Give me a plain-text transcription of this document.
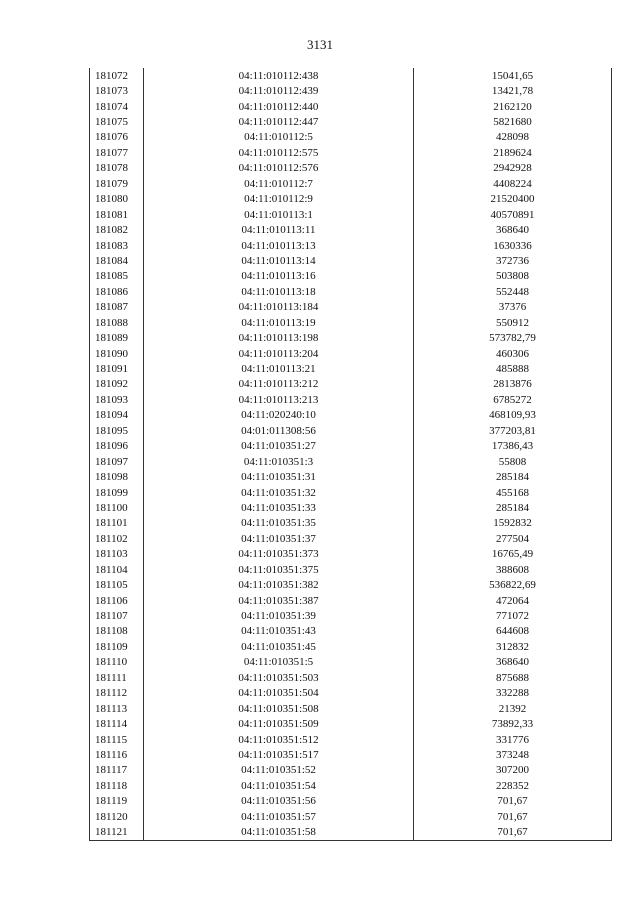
3131
181072	04:11:010112:438	15041,65
181073	04:11:010112:439	13421,78
181074	04:11:010112:440	2162120
181075	04:11:010112:447	5821680
181076	04:11:010112:5	428098
181077	04:11:010112:575	2189624
181078	04:11:010112:576	2942928
181079	04:11:010112:7	4408224
181080	04:11:010112:9	21520400
181081	04:11:010113:1	40570891
181082	04:11:010113:11	368640
181083	04:11:010113:13	1630336
181084	04:11:010113:14	372736
181085	04:11:010113:16	503808
181086	04:11:010113:18	552448
181087	04:11:010113:184	37376
181088	04:11:010113:19	550912
181089	04:11:010113:198	573782,79
181090	04:11:010113:204	460306
181091	04:11:010113:21	485888
181092	04:11:010113:212	2813876
181093	04:11:010113:213	6785272
181094	04:11:020240:10	468109,93
181095	04:01:011308:56	377203,81
181096	04:11:010351:27	17386,43
181097	04:11:010351:3	55808
181098	04:11:010351:31	285184
181099	04:11:010351:32	455168
181100	04:11:010351:33	285184
181101	04:11:010351:35	1592832
181102	04:11:010351:37	277504
181103	04:11:010351:373	16765,49
181104	04:11:010351:375	388608
181105	04:11:010351:382	536822,69
181106	04:11:010351:387	472064
181107	04:11:010351:39	771072
181108	04:11:010351:43	644608
181109	04:11:010351:45	312832
181110	04:11:010351:5	368640
181111	04:11:010351:503	875688
181112	04:11:010351:504	332288
181113	04:11:010351:508	21392
181114	04:11:010351:509	73892,33
181115	04:11:010351:512	331776
181116	04:11:010351:517	373248
181117	04:11:010351:52	307200
181118	04:11:010351:54	228352
181119	04:11:010351:56	701,67
181120	04:11:010351:57	701,67
181121	04:11:010351:58	701,67
